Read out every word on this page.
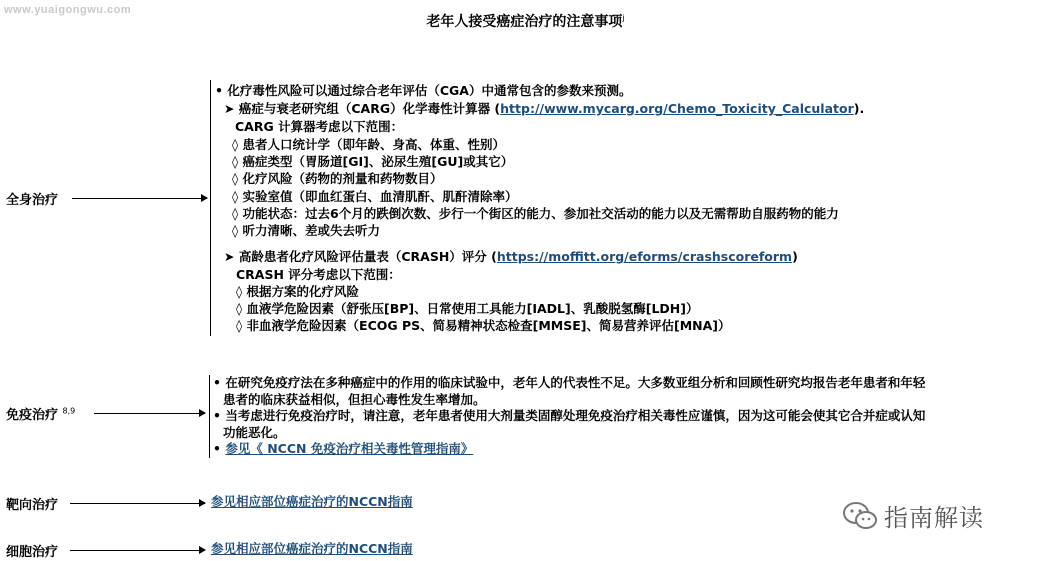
www.yuaigongwu.com
老年人接受癌症治疗的注意事项$^j$
全身治疗
• 化疗毒性风险可以通过综合老年评估（CGA）中通常包含的参数来预测。
➤ 癌症与衰老研究组（CARG）化学毒性计算器 (http://www.mycarg.org/Chemo_Toxicity_Calculator).
CARG 计算器考虑以下范围：
◊ 患者人口统计学（即年龄、身高、体重、性别）
◊ 癌症类型（胃肠道[GI]、泌尿生殖[GU]或其它）
◊ 化疗风险（药物的剂量和药物数目）
◊ 实验室值（即血红蛋白、血清肌酐、肌酐清除率）
◊ 功能状态：过去6个月的跌倒次数、步行一个街区的能力、参加社交活动的能力以及无需帮助自服药物的能力
◊ 听力清晰、差或失去听力
➤ 高龄患者化疗风险评估量表（CRASH）评分 (https://moffitt.org/eforms/crashscoreform)
CRASH 评分考虑以下范围：
◊ 根据方案的化疗风险
◊ 血液学危险因素（舒张压[BP]、日常使用工具能力[IADL]、乳酸脱氢酶[LDH]）
◊ 非血液学危险因素（ECOG PS、简易精神状态检查[MMSE]、简易营养评估[MNA]）
免疫治疗 $^{8,9}$
• 在研究免疫疗法在多种癌症中的作用的临床试验中，老年人的代表性不足。大多数亚组分析和回顾性研究均报告老年患者和年轻
患者的临床获益相似，但担心毒性发生率增加。
• 当考虑进行免疫治疗时，请注意，老年患者使用大剂量类固醇处理免疫治疗相关毒性应谨慎，因为这可能会使其它合并症或认知
功能恶化。
• 参见《 NCCN 免疫治疗相关毒性管理指南》
靶向治疗	参见相应部位癌症治疗的NCCN指南
细胞治疗	参见相应部位癌症治疗的NCCN指南
指南解读
